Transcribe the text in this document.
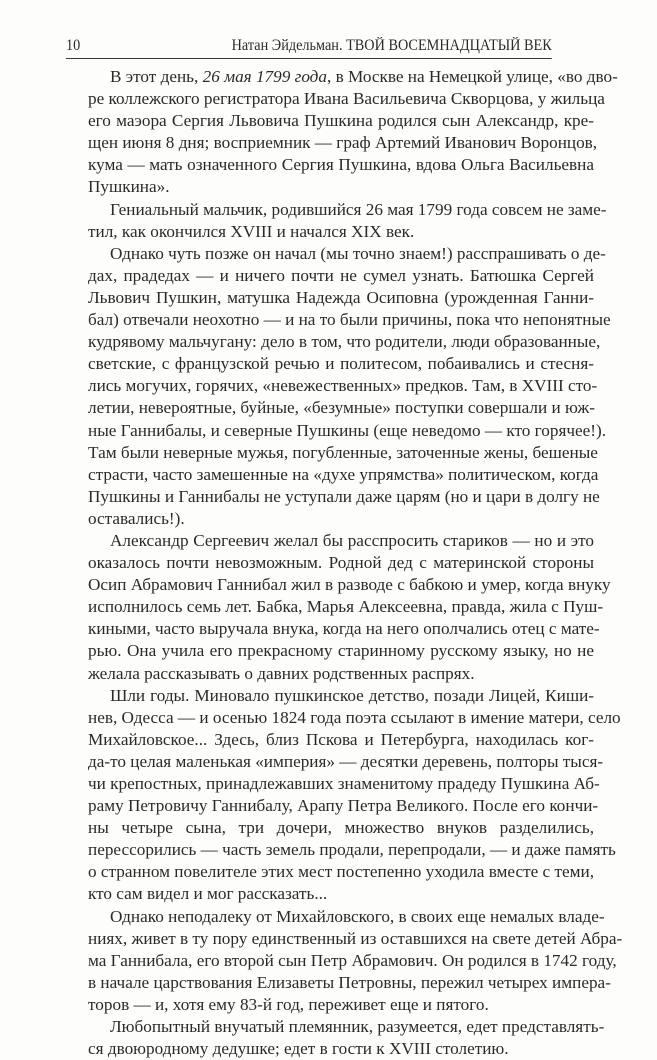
10	Натан Эйдельман. ТВОЙ ВОСЕМНАДЦАТЫЙ ВЕК
В этот день, 26 мая 1799 года, в Москве на Немецкой улице, «во дво-
ре коллежского регистратора Ивана Васильевича Скворцова, у жильца
его маэора Сергия Львовича Пушкина родился сын Александр, кре-
щен июня 8 дня; восприемник — граф Артемий Иванович Воронцов,
кума — мать означенного Сергия Пушкина, вдова Ольга Васильевна
Пушкина».
Гениальный мальчик, родившийся 26 мая 1799 года совсем не заме-
тил, как окончился XVIII и начался XIX век.
Однако чуть позже он начал (мы точно знаем!) расспрашивать о де-
дах, прадедах — и ничего почти не сумел узнать. Батюшка Сергей
Львович Пушкин, матушка Надежда Осиповна (урожденная Ганни-
бал) отвечали неохотно — и на то были причины, пока что непонятные
кудрявому мальчугану: дело в том, что родители, люди образованные,
светские, с французской речью и политесом, побаивались и стесня-
лись могучих, горячих, «невежественных» предков. Там, в XVIII сто-
летии, невероятные, буйные, «безумные» поступки совершали и юж-
ные Ганнибалы, и северные Пушкины (еще неведомо — кто горячее!).
Там были неверные мужья, погубленные, заточенные жены, бешеные
страсти, часто замешенные на «духе упрямства» политическом, когда
Пушкины и Ганнибалы не уступали даже царям (но и цари в долгу не
оставались!).
Александр Сергеевич желал бы расспросить стариков — но и это
оказалось почти невозможным. Родной дед с материнской стороны
Осип Абрамович Ганнибал жил в разводе с бабкою и умер, когда внуку
исполнилось семь лет. Бабка, Марья Алексеевна, правда, жила с Пуш-
киными, часто выручала внука, когда на него ополчались отец с мате-
рью. Она учила его прекрасному старинному русскому языку, но не
желала рассказывать о давних родственных распрях.
Шли годы. Миновало пушкинское детство, позади Лицей, Киши-
нев, Одесса — и осенью 1824 года поэта ссылают в имение матери, село
Михайловское... Здесь, близ Пскова и Петербурга, находилась ког-
да-то целая маленькая «империя» — десятки деревень, полторы тыся-
чи крепостных, принадлежавших знаменитому прадеду Пушкина Аб-
раму Петровичу Ганнибалу, Арапу Петра Великого. После его кончи-
ны четыре сына, три дочери, множество внуков разделились,
перессорились — часть земель продали, перепродали, — и даже память
о странном повелителе этих мест постепенно уходила вместе с теми,
кто сам видел и мог рассказать...
Однако неподалеку от Михайловского, в своих еще немалых владе-
ниях, живет в ту пору единственный из оставшихся на свете детей Абра-
ма Ганнибала, его второй сын Петр Абрамович. Он родился в 1742 году,
в начале царствования Елизаветы Петровны, пережил четырех импера-
торов — и, хотя ему 83-й год, переживет еще и пятого.
Любопытный внучатый племянник, разумеется, едет представлять-
ся двоюродному дедушке; едет в гости к XVIII столетию.
